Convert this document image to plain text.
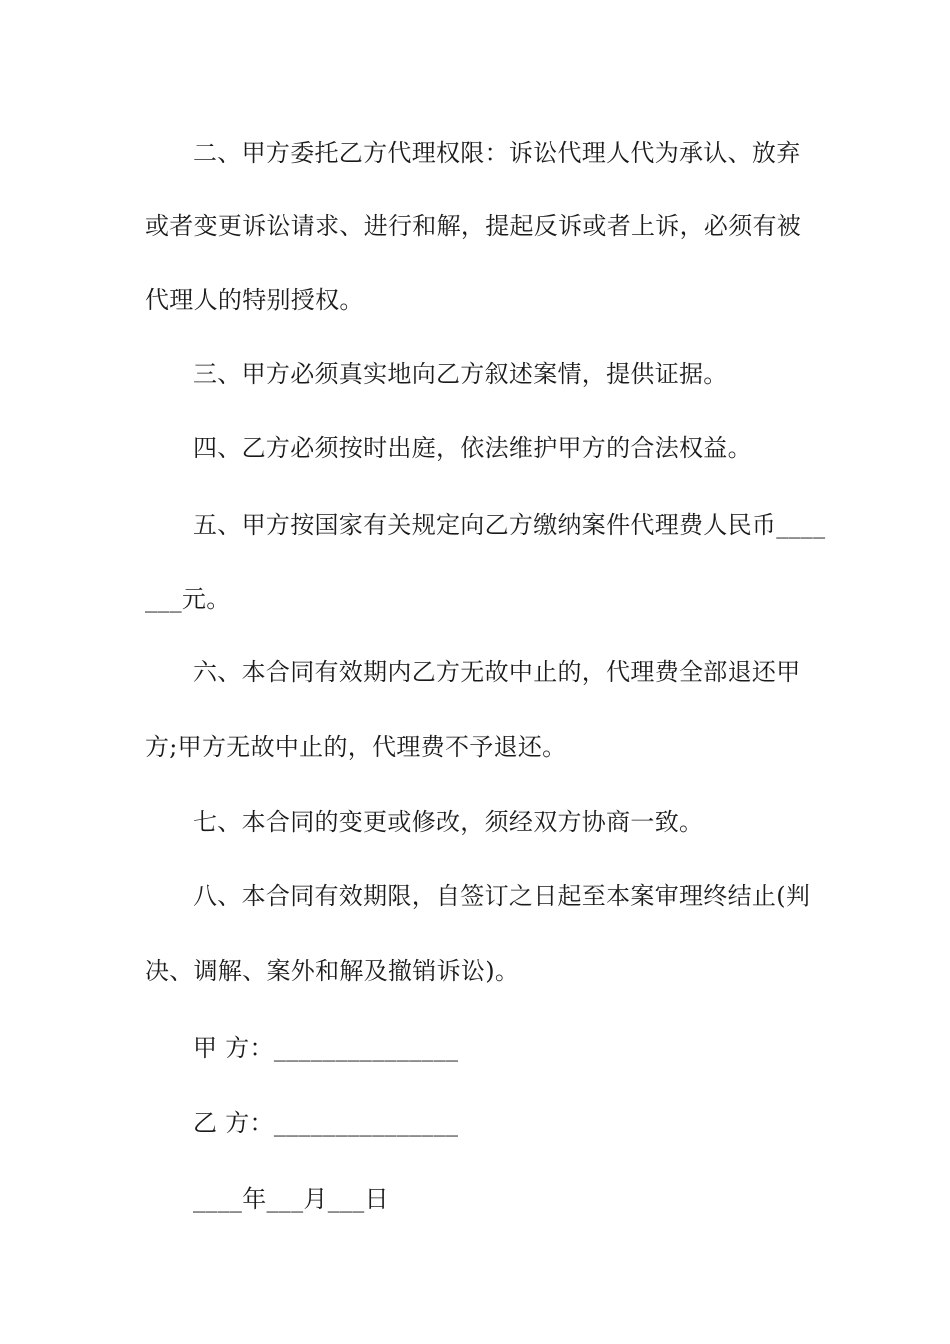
二、甲方委托乙方代理权限：诉讼代理人代为承认、放弃
或者变更诉讼请求、进行和解，提起反诉或者上诉，必须有被
代理人的特别授权。
三、甲方必须真实地向乙方叙述案情，提供证据。
四、乙方必须按时出庭，依法维护甲方的合法权益。
五、甲方按国家有关规定向乙方缴纳案件代理费人民币____
___元。
六、本合同有效期内乙方无故中止的，代理费全部退还甲
方;甲方无故中止的，代理费不予退还。
七、本合同的变更或修改，须经双方协商一致。
八、本合同有效期限，自签订之日起至本案审理终结止(判
决、调解、案外和解及撤销诉讼)。
甲 方：_______________
乙 方：_______________
____年___月___日
